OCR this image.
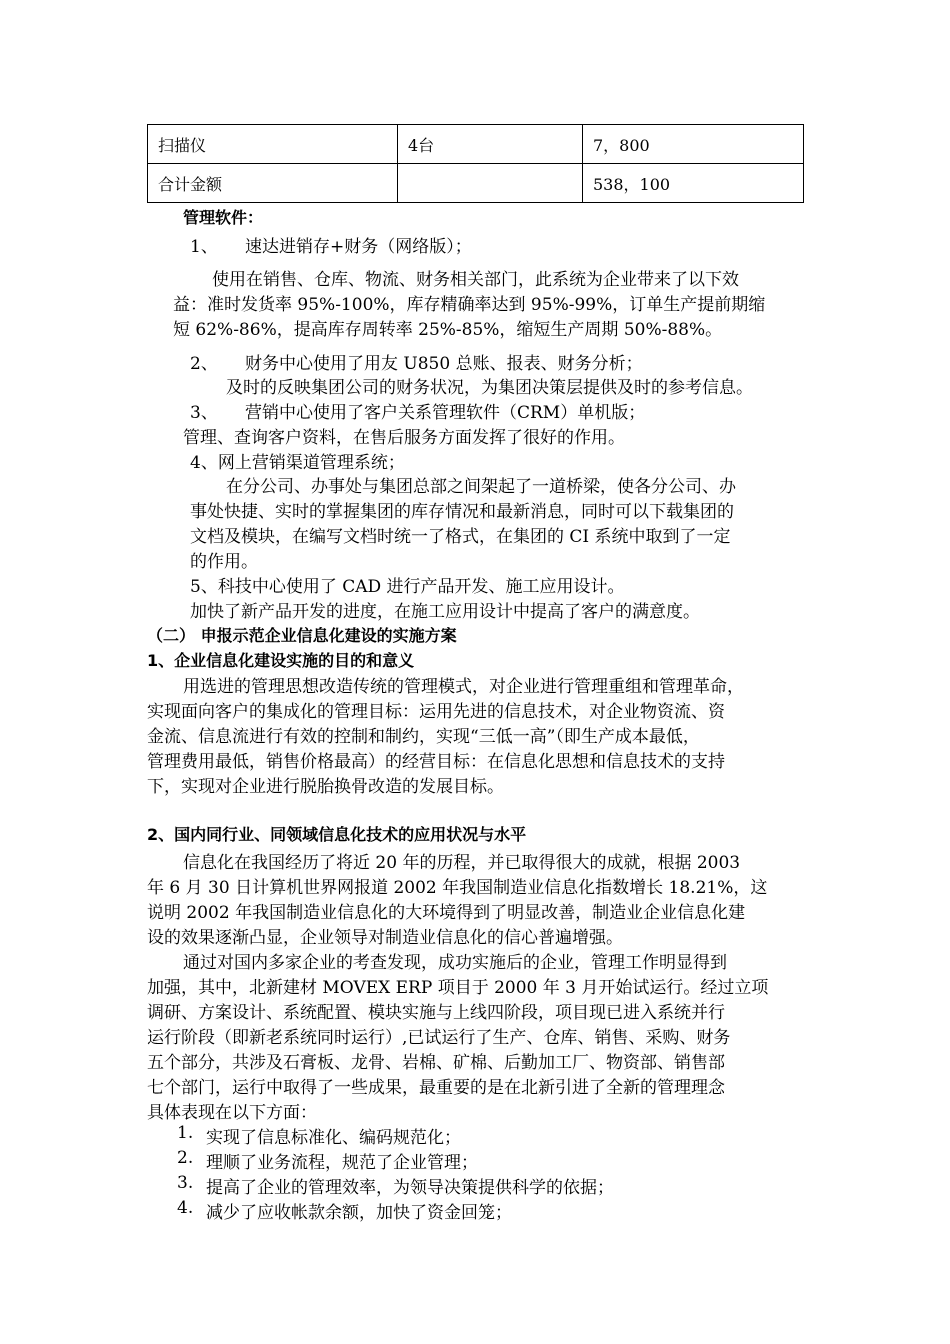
扫描仪	4台	7，800
合计金额		538，100
管理软件：
1、 速达进销存+财务（网络版）；
使用在销售、仓库、物流、财务相关部门，此系统为企业带来了以下效
益：准时发货率 95%-100%，库存精确率达到 95%-99%，订单生产提前期缩
短 62%-86%，提高库存周转率 25%-85%，缩短生产周期 50%-88%。
2、 财务中心使用了用友 U850 总账、报表、财务分析；
及时的反映集团公司的财务状况，为集团决策层提供及时的参考信息。
3、 营销中心使用了客户关系管理软件（CRM）单机版；
管理、查询客户资料，在售后服务方面发挥了很好的作用。
4、网上营销渠道管理系统；
在分公司、办事处与集团总部之间架起了一道桥梁，使各分公司、办
事处快捷、实时的掌握集团的库存情况和最新消息，同时可以下载集团的
文档及模块，在编写文档时统一了格式，在集团的 CI 系统中取到了一定
的作用。
5、科技中心使用了 CAD 进行产品开发、施工应用设计。
加快了新产品开发的进度，在施工应用设计中提高了客户的满意度。
（二） 申报示范企业信息化建设的实施方案
1、企业信息化建设实施的目的和意义
用选进的管理思想改造传统的管理模式，对企业进行管理重组和管理革命，
实现面向客户的集成化的管理目标：运用先进的信息技术，对企业物资流、资
金流、信息流进行有效的控制和制约，实现“三低一高”（即生产成本最低，
管理费用最低，销售价格最高）的经营目标：在信息化思想和信息技术的支持
下，实现对企业进行脱胎换骨改造的发展目标。
2、国内同行业、同领域信息化技术的应用状况与水平
信息化在我国经历了将近 20 年的历程，并已取得很大的成就，根据 2003
年 6 月 30 日计算机世界网报道 2002 年我国制造业信息化指数增长 18.21%，这
说明 2002 年我国制造业信息化的大环境得到了明显改善，制造业企业信息化建
设的效果逐渐凸显，企业领导对制造业信息化的信心普遍增强。
通过对国内多家企业的考查发现，成功实施后的企业，管理工作明显得到
加强，其中，北新建材 MOVEX ERP 项目于 2000 年 3 月开始试运行。经过立项
调研、方案设计、系统配置、模块实施与上线四阶段，项目现已进入系统并行
运行阶段（即新老系统同时运行）,已试运行了生产、仓库、销售、采购、财务
五个部分，共涉及石膏板、龙骨、岩棉、矿棉、后勤加工厂、物资部、销售部
七个部门，运行中取得了一些成果，最重要的是在北新引进了全新的管理理念
具体表现在以下方面：
1. 实现了信息标准化、编码规范化；
2. 理顺了业务流程，规范了企业管理；
3. 提高了企业的管理效率，为领导决策提供科学的依据；
4. 减少了应收帐款余额，加快了资金回笼；
